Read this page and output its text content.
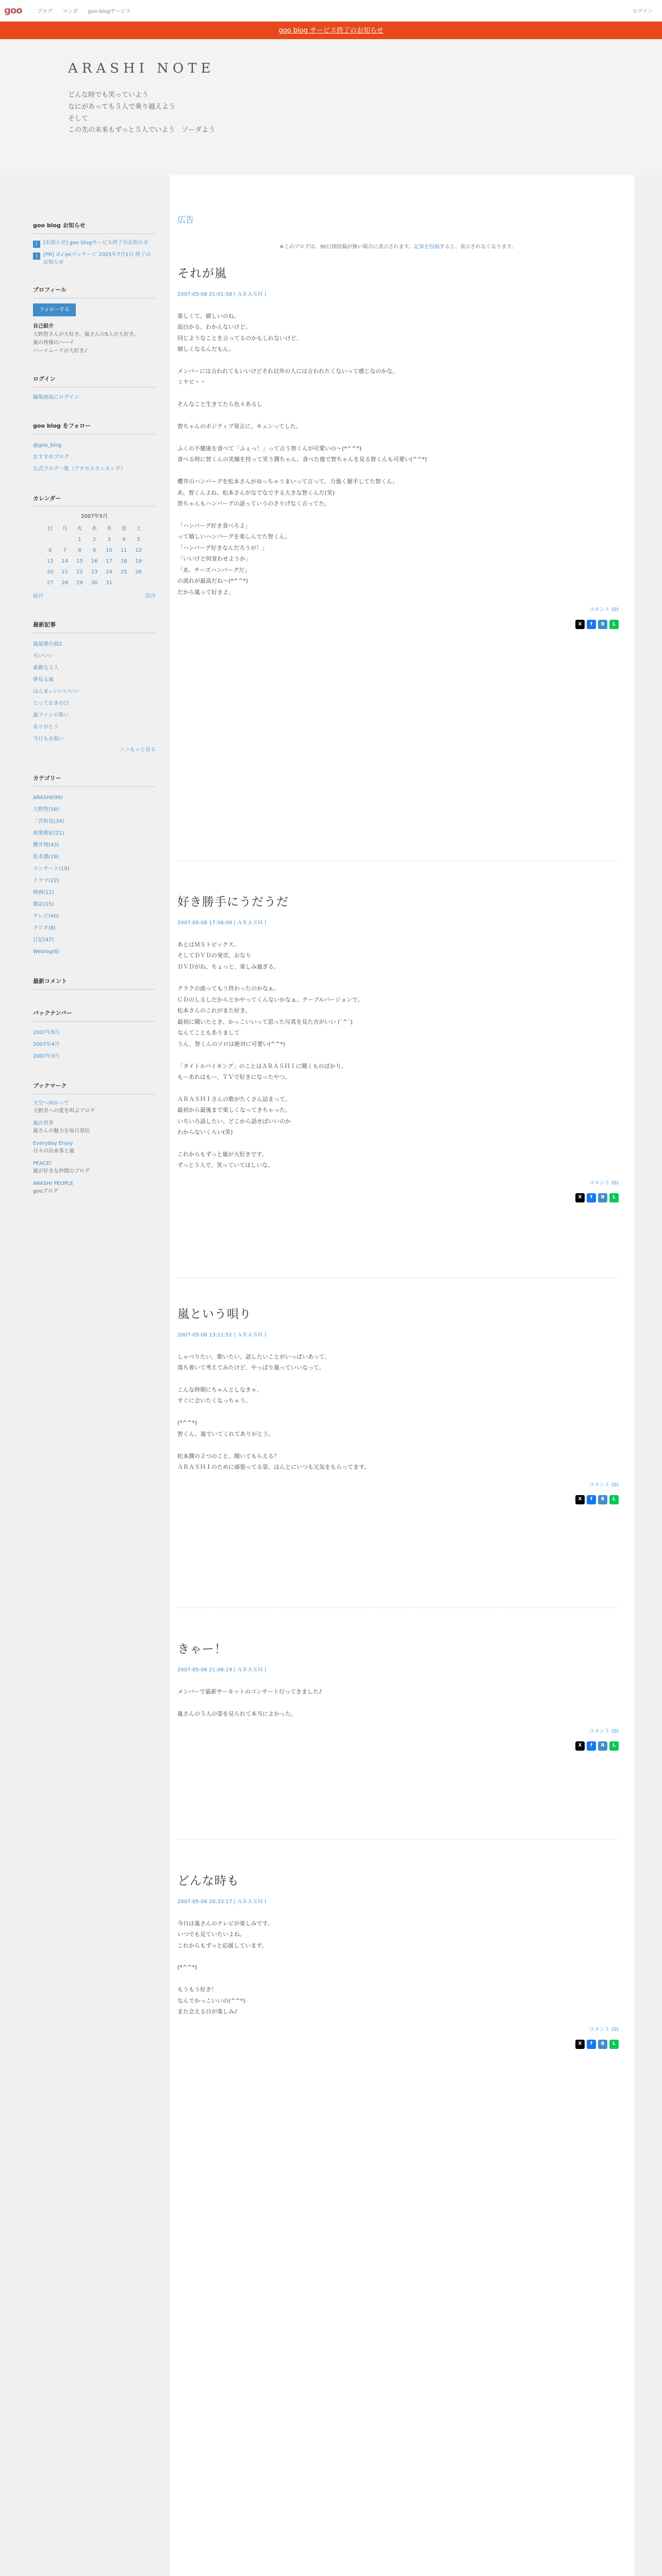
goo	ブログ マンガ goo blogサービス	ログイン
goo blog サービス終了のお知らせ
ARASHI NOTE
どんな時でも笑っていよう
なにがあっても５人で乗り越えよう
そして
この先の未来もずっと５人でいよう　ソーダよう
goo blog お知らせ
i	[お知らせ] goo blogサービス終了のお知らせ
i	[PR] ｄ√ʞ∊パッケージ 2025年7月1日 終了のお知らせ
プロフィール
フォローする
自己紹介
大野智さんが大好き。嵐さんの5人が大好き。
嵐の皆様のハーイ
ハーイムードが大好き♪
ログイン
編集画面にログイン
goo blog をフォロー
@goo_blog
おすすめブログ
公式ブログ一覧（アクセスランキング）
カレンダー
2007年5月
日	月	火	水	木	金	土
		1	2	3	4	5
6	7	8	9	10	11	12
13	14	15	16	17	18	19
20	21	22	23	24	25	26
27	28	29	30	31		
前月	次月
最新記事
嵐最後の曲2
ろいいい
素敵な５人
夢見る嵐
ほんまぃいいいいい
とっておきの日
嵐ファンの集い
ありがとう
今日もお祝い
＞＞もっと見る
カテゴリー
ARASHI(99)
大野智(58)
二宮和也(34)
相葉雅紀(21)
櫻井翔(43)
松本潤(29)
コンサート(19)
ドラマ(22)
映画(11)
雑誌(15)
テレビ(40)
ラジオ(8)
日記(47)
Weblog(6)
最新コメント
バックナンバー
2007年5月
2007年4月
2007年3月
ブックマーク
大空へ向かって
大野君への愛を叫ぶブログ
嵐の世界
嵐さんの魅力を毎日発信
Everyday Enjoy
日々の出来事と嵐
PEACE!
嵐が好きな仲間のブログ
ARASHI PEOPLE
gooブログ
広告
※このブログは、90日間投稿が無い場合に表示されます。記事を投稿すると、表示されなくなります。
それが嵐
2007-05-08 21:01:58 | ＡＲＡＳＨＩ
楽しくて、嬉しいのね。
面白かる、わかんないけど。
同じようなことを言ってるのかもしれないけど、
嬉しくなるんだもん。

メンバーには言われてもいいけどそれ以外の人には言われたくないって感じなのかな。
ミヤビ＾＾

そんなこと生きてたら色々あるし

智ちゃんのポジティブ発言に、キュンってした。

ふくの不健康を食べて「ふぇっ！」って言う智くんが可愛いの～(*^^*)
食べる時に智くんの笑顔を持って笑う潤ちゃん、食べた後で智ちゃんを見る智くんも可愛い(^^*)

櫻井のハンバーグを松本さんがゆっちゃうまいって言って、力強く握手してた智くん。
あ、智くんよね、松本さんがなでなでする大きな智くんだ(笑)
智ちゃんもハンバーグの話っていうのさりげなく言ってた。

「ハンバーグ好き食べろよ」
って嬉しいハンバーグを楽しんでた智くん。
「ハンバーグ好きなんだろうが！」
「いいけど何食わせようか」
「あ、チーズハンバーグだ」
の流れが最高だね～(*^^*)
だから嵐って好きよ。
コメント (0)
X	f	B	L
好き勝手にうだうだ
2007-05-08 17:56:09 | ＡＲＡＳＨＩ
あとはＭＳトピックス。
そしてＤＶＤの発売、おなり
ＤＶＤがね、ちょっと、楽しみ過ぎる。

クラクの曲ってもう終わったのかなぁ。
ＣＤのしるしだからとかやってくんないかなぁ。テープルバージョンで。
松本さんのこれがまた好き。
最初に聞いたとき、かっこいいって思った写真を見た方がいい (`^´)
なんてこともありまして
うん、智くんのソロは絶対に可愛い(^^*)

「タイトルバイキング」のことはＡＲＡＳＨＩに聞くものばかり。
もーあれはもー、ＴＶで好きになったやつ。

ＡＲＡＳＨＩさんの歌がたくさん詰まって、
最初から最後まで楽しくなってきちゃった。
いろいろ話したい、どこから話せばいいのか
わからないくらい(笑)

これからもずっと嵐が大好きです。
ずっと５人で、笑っていてほしいな。
コメント (0)
X	f	B	L
嵐という唄り
2007-05-08 13:11:51 | ＡＲＡＳＨＩ
しゃべりたい、歌いたい、話したいことがいっぱいあって、
落ち着いて考えてみたけど、やっぱり嵐っていいなって。

こんな時期にちゃんとしなきゃ、
すぐに会いたくなっちゃう。

(*^^*)
智くん、嵐でいてくれてありがとう。

松本潤の２つのこと、聞いてもらえる？
ＡＲＡＳＨＩのために頑張ってる姿、ほんとにいつも元気をもらってます。
コメント (0)
X	f	B	L
きゃー！
2007-05-06 21:06:19 | ＡＲＡＳＨＩ
メンバーで最新サーキットのコンサート行ってきました♪

嵐さんの５人の姿を見られて本当によかった。
コメント (0)
X	f	B	L
どんな時も
2007-05-06 20:33:17 | ＡＲＡＳＨＩ
今日は嵐さんのテレビが楽しみです。
いつでも見ていたいよね。
これからもずっと応援しています。

(*^^*)

もうもう好き！
なんでかっこいいの(^^*)
また会える日が楽しみ♪
コメント (0)
X	f	B	L
